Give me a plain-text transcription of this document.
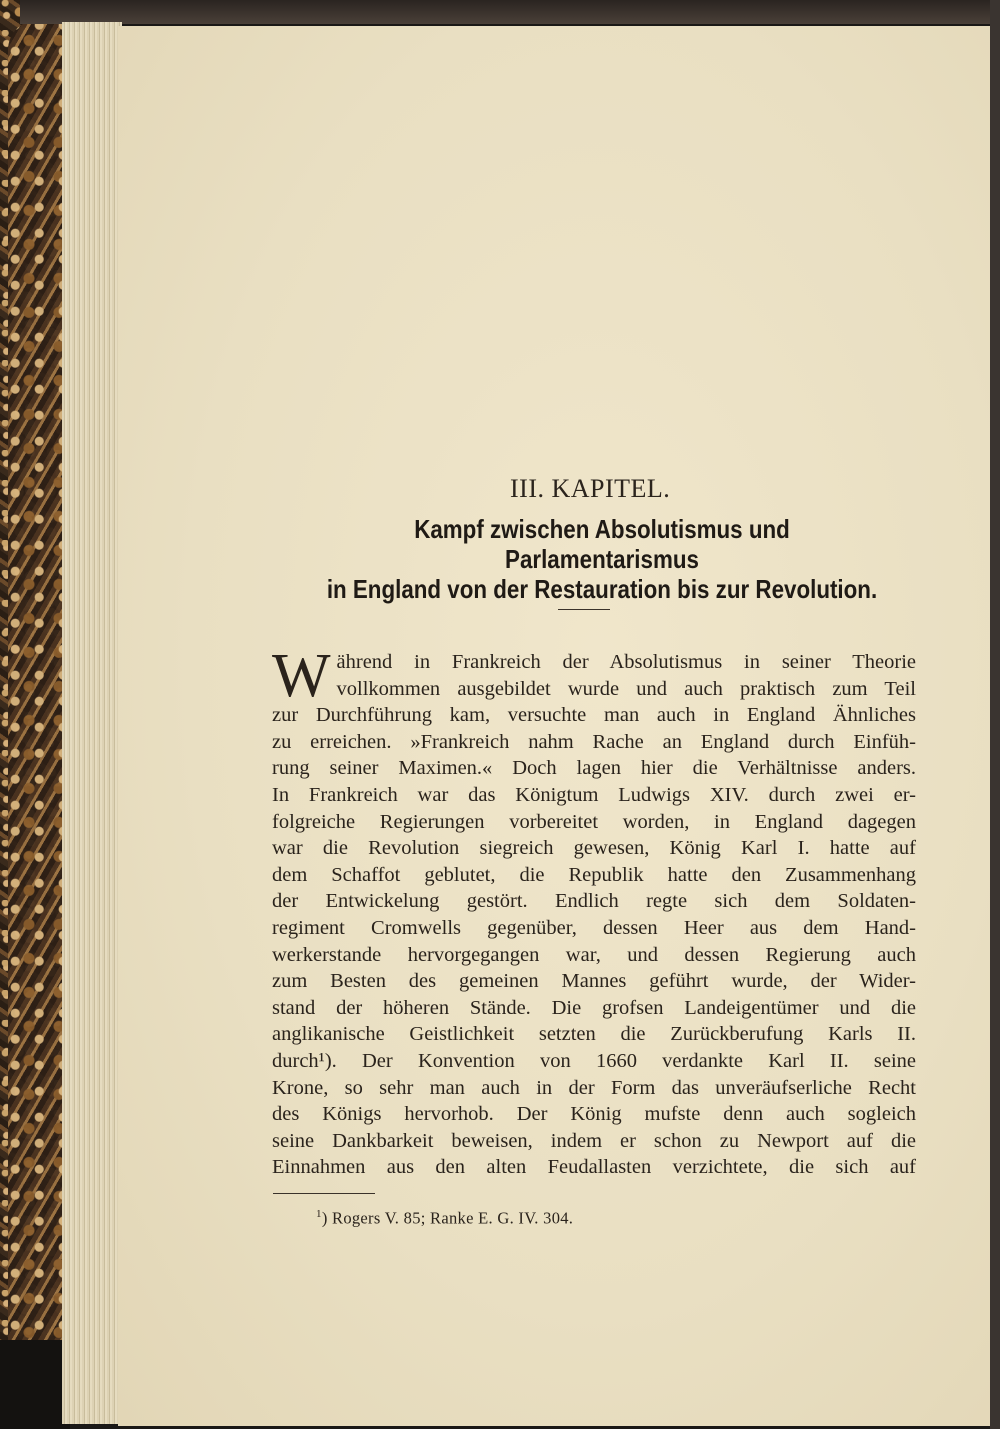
III. KAPITEL.
Kampf zwischen Absolutismus und Parlamentarismus
in England von der Restauration bis zur Revolution.
W ährend in Frankreich der Absolutismus in seiner Theorie
vollkommen ausgebildet wurde und auch praktisch zum Teil
zur Durchführung kam, versuchte man auch in England Ähnliches
zu erreichen. »Frankreich nahm Rache an England durch Einfüh-
rung seiner Maximen.« Doch lagen hier die Verhältnisse anders.
In Frankreich war das Königtum Ludwigs XIV. durch zwei er-
folgreiche Regierungen vorbereitet worden, in England dagegen
war die Revolution siegreich gewesen, König Karl I. hatte auf
dem Schaffot geblutet, die Republik hatte den Zusammenhang
der Entwickelung gestört. Endlich regte sich dem Soldaten-
regiment Cromwells gegenüber, dessen Heer aus dem Hand-
werkerstande hervorgegangen war, und dessen Regierung auch
zum Besten des gemeinen Mannes geführt wurde, der Wider-
stand der höheren Stände. Die grofsen Landeigentümer und die
anglikanische Geistlichkeit setzten die Zurückberufung Karls II.
durch¹). Der Konvention von 1660 verdankte Karl II. seine
Krone, so sehr man auch in der Form das unveräufserliche Recht
des Königs hervorhob. Der König mufste denn auch sogleich
seine Dankbarkeit beweisen, indem er schon zu Newport auf die
Einnahmen aus den alten Feudallasten verzichtete, die sich auf
$^1$) Rogers V. 85; Ranke E. G. IV. 304.
